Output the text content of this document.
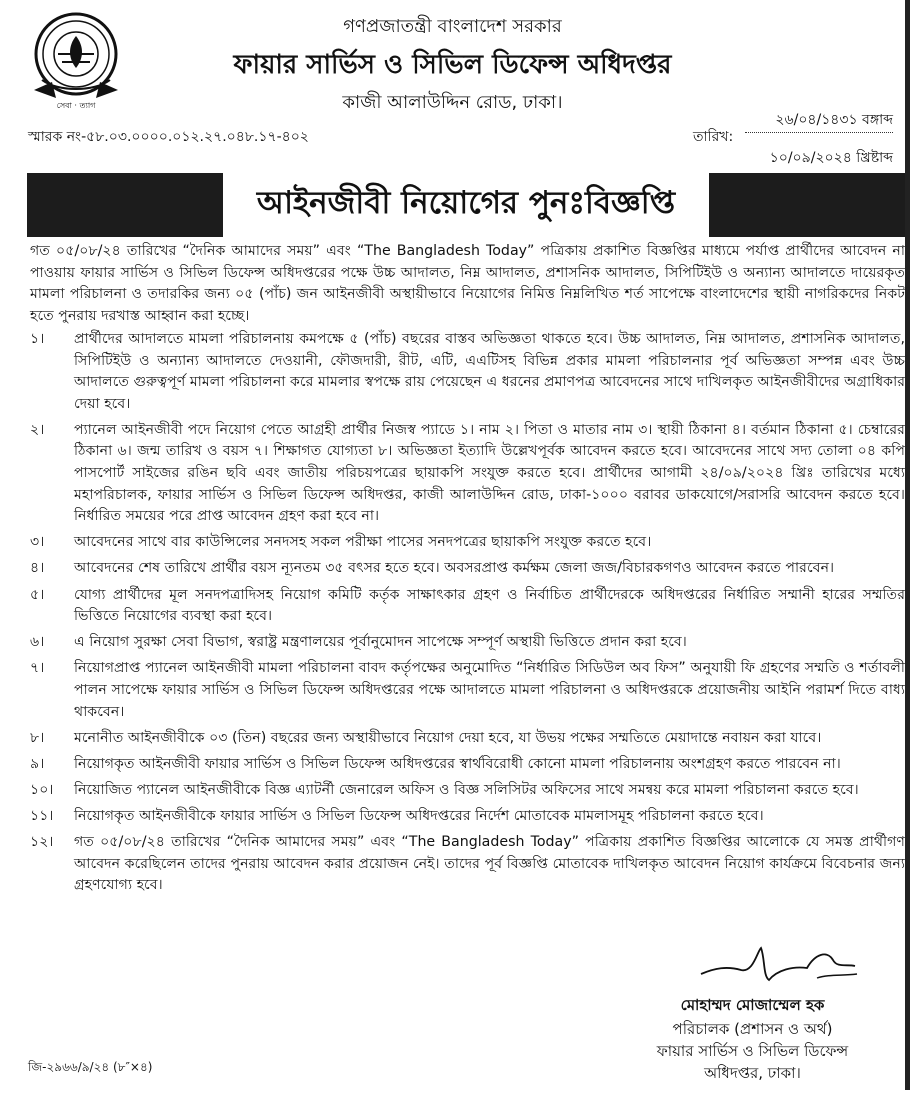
সেবা · ত্যাগ
গণপ্রজাতন্ত্রী বাংলাদেশ সরকার
ফায়ার সার্ভিস ও সিভিল ডিফেন্স অধিদপ্তর
কাজী আলাউদ্দিন রোড, ঢাকা।
স্মারক নং-৫৮.০৩.০০০০.০১২.২৭.০৪৮.১৭-৪০২	তারিখ:
২৬/০৪/১৪৩১ বঙ্গাব্দ
১০/০৯/২০২৪ খ্রিষ্টাব্দ
আইনজীবী নিয়োগের পুনঃবিজ্ঞপ্তি

গত ০৫/০৮/২৪ তারিখের “দৈনিক আমাদের সময়” এবং “The Bangladesh Today” পত্রিকায় প্রকাশিত বিজ্ঞপ্তির মাধ্যমে পর্যাপ্ত প্রার্থীদের আবেদন না পাওয়ায় ফায়ার সার্ভিস ও সিভিল ডিফেন্স অধিদপ্তরের পক্ষে উচ্চ আদালত, নিম্ন আদালত, প্রশাসনিক আদালত, সিপিটিইউ ও অন্যান্য আদালতে দায়েরকৃত মামলা পরিচালনা ও তদারকির জন্য ০৫ (পাঁচ) জন আইনজীবী অস্থায়ীভাবে নিয়োগের নিমিত্ত নিম্নলিখিত শর্ত সাপেক্ষে বাংলাদেশের স্থায়ী নাগরিকদের নিকট হতে পুনরায় দরখাস্ত আহ্বান করা হচ্ছে।

১।	প্রার্থীদের আদালতে মামলা পরিচালনায় কমপক্ষে ৫ (পাঁচ) বছরের বাস্তব অভিজ্ঞতা থাকতে হবে। উচ্চ আদালত, নিম্ন আদালত, প্রশাসনিক আদালত, সিপিটিইউ ও অন্যান্য আদালতে দেওয়ানী, ফৌজদারী, রীট, এটি, এএটিসহ বিভিন্ন প্রকার মামলা পরিচালনার পূর্ব অভিজ্ঞতা সম্পন্ন এবং উচ্চ আদালতে গুরুত্বপূর্ণ মামলা পরিচালনা করে মামলার স্বপক্ষে রায় পেয়েছেন এ ধরনের প্রমাণপত্র আবেদনের সাথে দাখিলকৃত আইনজীবীদের অগ্রাধিকার দেয়া হবে।
২।	প্যানেল আইনজীবী পদে নিয়োগ পেতে আগ্রহী প্রার্থীর নিজস্ব প্যাডে ১। নাম ২। পিতা ও মাতার নাম ৩। স্থায়ী ঠিকানা ৪। বর্তমান ঠিকানা ৫। চেম্বারের ঠিকানা ৬। জন্ম তারিখ ও বয়স ৭। শিক্ষাগত যোগ্যতা ৮। অভিজ্ঞতা ইত্যাদি উল্লেখপূর্বক আবেদন করতে হবে। আবেদনের সাথে সদ্য তোলা ০৪ কপি পাসপোর্ট সাইজের রঙিন ছবি এবং জাতীয় পরিচয়পত্রের ছায়াকপি সংযুক্ত করতে হবে। প্রার্থীদের আগামী ২৪/০৯/২০২৪ খ্রিঃ তারিখের মধ্যে মহাপরিচালক, ফায়ার সার্ভিস ও সিভিল ডিফেন্স অধিদপ্তর, কাজী আলাউদ্দিন রোড, ঢাকা-১০০০ বরাবর ডাকযোগে/সরাসরি আবেদন করতে হবে। নির্ধারিত সময়ের পরে প্রাপ্ত আবেদন গ্রহণ করা হবে না।
৩।	আবেদনের সাথে বার কাউন্সিলের সনদসহ সকল পরীক্ষা পাসের সনদপত্রের ছায়াকপি সংযুক্ত করতে হবে।
৪।	আবেদনের শেষ তারিখে প্রার্থীর বয়স ন্যূনতম ৩৫ বৎসর হতে হবে। অবসরপ্রাপ্ত কর্মক্ষম জেলা জজ/বিচারকগণও আবেদন করতে পারবেন।
৫।	যোগ্য প্রার্থীদের মূল সনদপত্রাদিসহ নিয়োগ কমিটি কর্তৃক সাক্ষাৎকার গ্রহণ ও নির্বাচিত প্রার্থীদেরকে অধিদপ্তরের নির্ধারিত সম্মানী হারের সম্মতির ভিত্তিতে নিয়োগের ব্যবস্থা করা হবে।
৬।	এ নিয়োগ সুরক্ষা সেবা বিভাগ, স্বরাষ্ট্র মন্ত্রণালয়ের পূর্বানুমোদন সাপেক্ষে সম্পূর্ণ অস্থায়ী ভিত্তিতে প্রদান করা হবে।
৭।	নিয়োগপ্রাপ্ত প্যানেল আইনজীবী মামলা পরিচালনা বাবদ কর্তৃপক্ষের অনুমোদিত “নির্ধারিত সিডিউল অব ফিস” অনুযায়ী ফি গ্রহণের সম্মতি ও শর্তাবলী পালন সাপেক্ষে ফায়ার সার্ভিস ও সিভিল ডিফেন্স অধিদপ্তরের পক্ষে আদালতে মামলা পরিচালনা ও অধিদপ্তরকে প্রয়োজনীয় আইনি পরামর্শ দিতে বাধ্য থাকবেন।
৮।	মনোনীত আইনজীবীকে ০৩ (তিন) বছরের জন্য অস্থায়ীভাবে নিয়োগ দেয়া হবে, যা উভয় পক্ষের সম্মতিতে মেয়াদান্তে নবায়ন করা যাবে।
৯।	নিয়োগকৃত আইনজীবী ফায়ার সার্ভিস ও সিভিল ডিফেন্স অধিদপ্তরের স্বার্থবিরোধী কোনো মামলা পরিচালনায় অংশগ্রহণ করতে পারবেন না।
১০।	নিয়োজিত প্যানেল আইনজীবীকে বিজ্ঞ এ্যাটর্নী জেনারেল অফিস ও বিজ্ঞ সলিসিটর অফিসের সাথে সমন্বয় করে মামলা পরিচালনা করতে হবে।
১১।	নিয়োগকৃত আইনজীবীকে ফায়ার সার্ভিস ও সিভিল ডিফেন্স অধিদপ্তরের নির্দেশ মোতাবেক মামলাসমূহ পরিচালনা করতে হবে।
১২।	গত ০৫/০৮/২৪ তারিখের “দৈনিক আমাদের সময়” এবং “The Bangladesh Today” পত্রিকায় প্রকাশিত বিজ্ঞপ্তির আলোকে যে সমস্ত প্রার্থীগণ আবেদন করেছিলেন তাদের পুনরায় আবেদন করার প্রয়োজন নেই। তাদের পূর্ব বিজ্ঞপ্তি মোতাবেক দাখিলকৃত আবেদন নিয়োগ কার্যক্রমে বিবেচনার জন্য গ্রহণযোগ্য হবে।
মোহাম্মদ মোজাম্মেল হক
পরিচালক (প্রশাসন ও অর্থ)
ফায়ার সার্ভিস ও সিভিল ডিফেন্স
অধিদপ্তর, ঢাকা।
জি-২৯৬৬/৯/২৪ (৮″×৪)
